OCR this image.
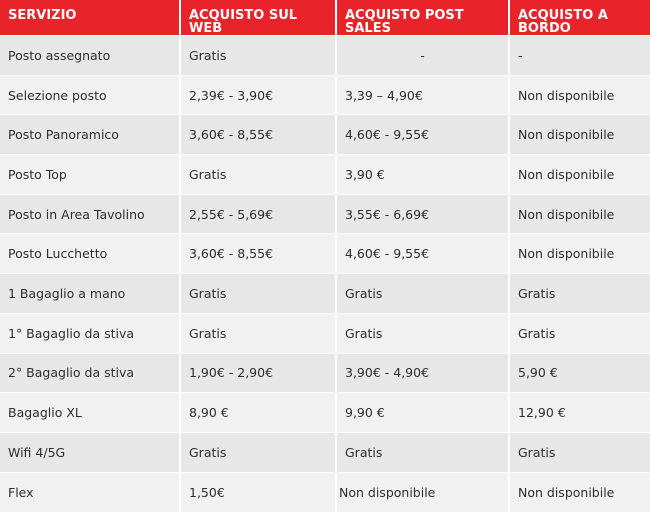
SERVIZIO	ACQUISTO SUL WEB	ACQUISTO POST SALES	ACQUISTO A BORDO
Posto assegnato	Gratis	-	-
Selezione posto	2,39€ - 3,90€	3,39 – 4,90€	Non disponibile
Posto Panoramico	3,60€ - 8,55€	4,60€ - 9,55€	Non disponibile
Posto Top	Gratis	3,90 €	Non disponibile
Posto in Area Tavolino	2,55€ - 5,69€	3,55€ - 6,69€	Non disponibile
Posto Lucchetto	3,60€ - 8,55€	4,60€ - 9,55€	Non disponibile
1 Bagaglio a mano	Gratis	Gratis	Gratis
1° Bagaglio da stiva	Gratis	Gratis	Gratis
2° Bagaglio da stiva	1,90€ - 2,90€	3,90€ - 4,90€	5,90 €
Bagaglio XL	8,90 €	9,90 €	12,90 €
Wifi 4/5G	Gratis	Gratis	Gratis
Flex	1,50€	Non disponibile	Non disponibile
